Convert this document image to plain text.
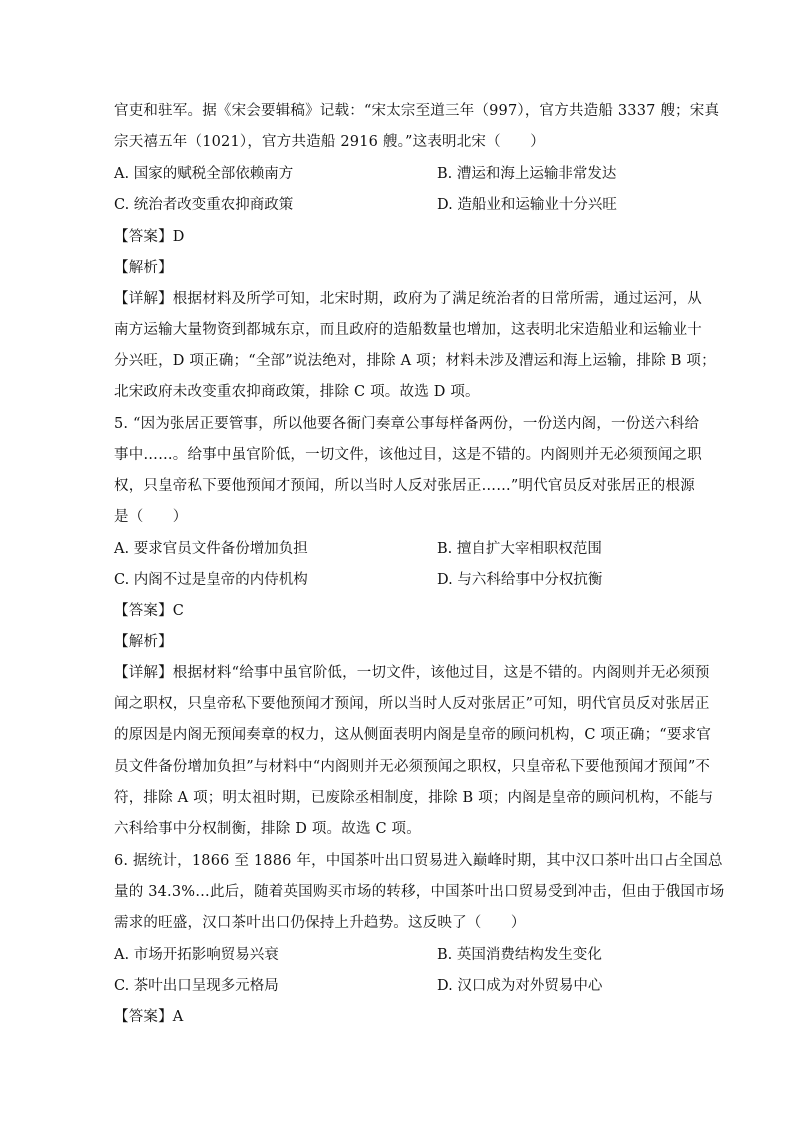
官吏和驻军。据《宋会要辑稿》记载：“宋太宗至道三年（997），官方共造船 3337 艘；宋真
宗天禧五年（1021），官方共造船 2916 艘。”这表明北宋（　　）
A. 国家的赋税全部依赖南方	B. 漕运和海上运输非常发达
C. 统治者改变重农抑商政策	D. 造船业和运输业十分兴旺
【答案】D
【解析】
【详解】根据材料及所学可知，北宋时期，政府为了满足统治者的日常所需，通过运河，从
南方运输大量物资到都城东京，而且政府的造船数量也增加，这表明北宋造船业和运输业十
分兴旺，D 项正确；“全部”说法绝对，排除 A 项；材料未涉及漕运和海上运输，排除 B 项；
北宋政府未改变重农抑商政策，排除 C 项。故选 D 项。
5. “因为张居正要管事，所以他要各衙门奏章公事每样备两份，一份送内阁，一份送六科给
事中……。给事中虽官阶低，一切文件，该他过目，这是不错的。内阁则并无必须预闻之职
权，只皇帝私下要他预闻才预闻，所以当时人反对张居正……”明代官员反对张居正的根源
是（　　）
A. 要求官员文件备份增加负担	B. 擅自扩大宰相职权范围
C. 内阁不过是皇帝的内侍机构	D. 与六科给事中分权抗衡
【答案】C
【解析】
【详解】根据材料“给事中虽官阶低，一切文件，该他过目，这是不错的。内阁则并无必须预
闻之职权，只皇帝私下要他预闻才预闻，所以当时人反对张居正”可知，明代官员反对张居正
的原因是内阁无预闻奏章的权力，这从侧面表明内阁是皇帝的顾问机构，C 项正确；“要求官
员文件备份增加负担”与材料中“内阁则并无必须预闻之职权，只皇帝私下要他预闻才预闻”不
符，排除 A 项；明太祖时期，已废除丞相制度，排除 B 项；内阁是皇帝的顾问机构，不能与
六科给事中分权制衡，排除 D 项。故选 C 项。
6. 据统计，1866 至 1886 年，中国茶叶出口贸易进入巅峰时期，其中汉口茶叶出口占全国总
量的 34.3%…此后，随着英国购买市场的转移，中国茶叶出口贸易受到冲击，但由于俄国市场
需求的旺盛，汉口茶叶出口仍保持上升趋势。这反映了（　　）
A. 市场开拓影响贸易兴衰	B. 英国消费结构发生变化
C. 茶叶出口呈现多元格局	D. 汉口成为对外贸易中心
【答案】A
